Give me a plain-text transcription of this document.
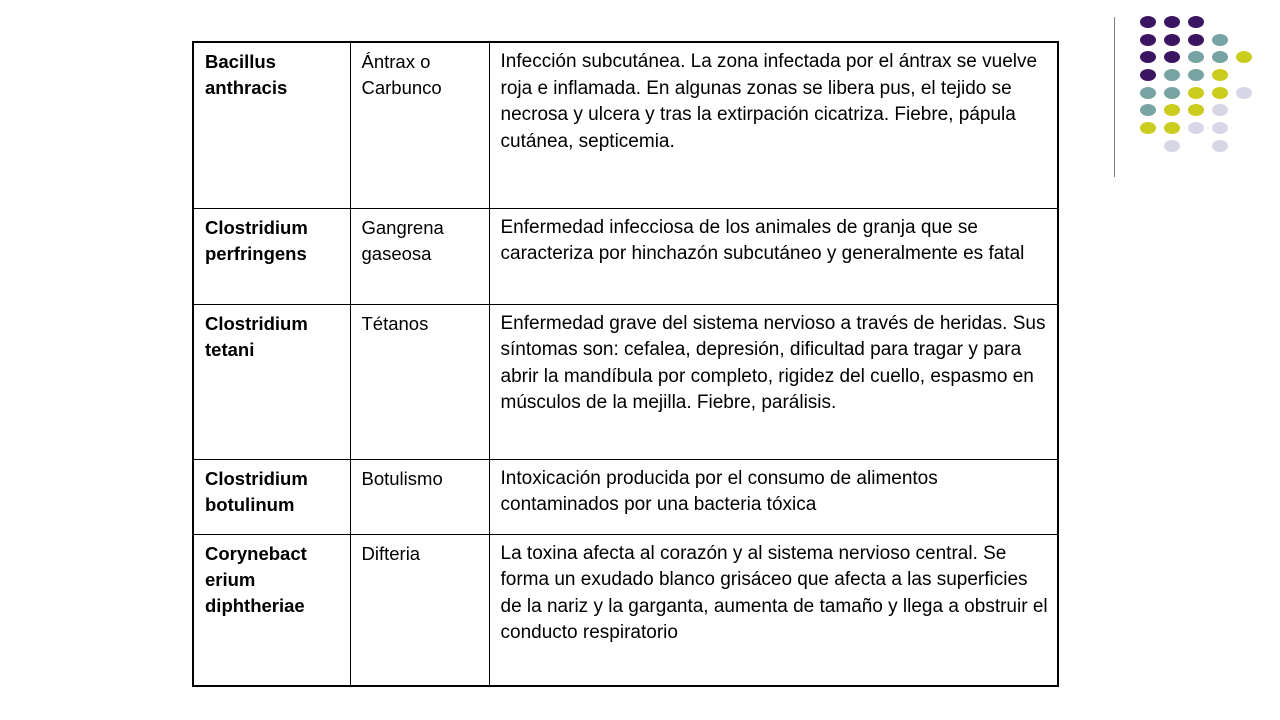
Bacillus anthracis	Ántrax o Carbunco	Infección subcutánea. La zona infectada por el ántrax se vuelve roja e inflamada. En algunas zonas se libera pus, el tejido se necrosa y ulcera y tras la extirpación cicatriza. Fiebre, pápula cutánea, septicemia.
Clostridium perfringens	Gangrena gaseosa	Enfermedad infecciosa de los animales de granja que se caracteriza por hinchazón subcutáneo y generalmente es fatal
Clostridium tetani	Tétanos	Enfermedad grave del sistema nervioso a través de heridas. Sus síntomas son: cefalea, depresión, dificultad para tragar y para abrir la mandíbula por completo, rigidez del cuello, espasmo en músculos de la mejilla. Fiebre, parálisis.
Clostridium botulinum	Botulismo	Intoxicación producida por el consumo de alimentos contaminados por una bacteria tóxica
Corynebact erium diphtheriae	Difteria	La toxina afecta al corazón y al sistema nervioso central. Se forma un exudado blanco grisáceo que afecta a las superficies de la nariz y la garganta, aumenta de tamaño y llega a obstruir el conducto respiratorio
